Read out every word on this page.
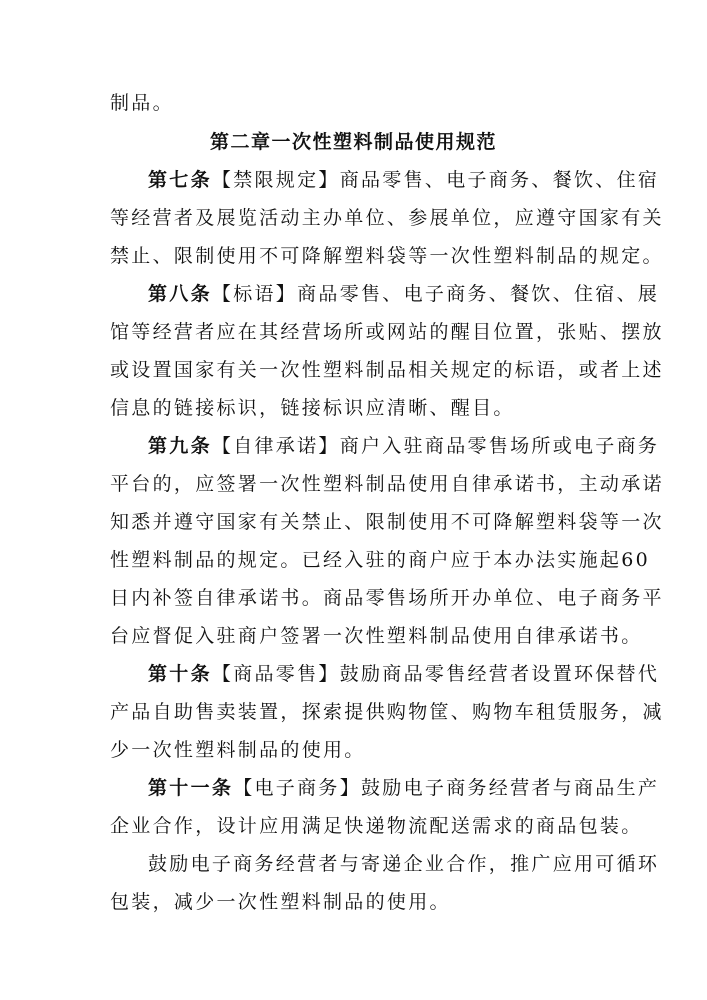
制品。
第二章一次性塑料制品使用规范
第七条【禁限规定】商品零售、电子商务、餐饮、住宿
等经营者及展览活动主办单位、参展单位，应遵守国家有关
禁止、限制使用不可降解塑料袋等一次性塑料制品的规定。
第八条【标语】商品零售、电子商务、餐饮、住宿、展
馆等经营者应在其经营场所或网站的醒目位置，张贴、摆放
或设置国家有关一次性塑料制品相关规定的标语，或者上述
信息的链接标识，链接标识应清晰、醒目。
第九条【自律承诺】商户入驻商品零售场所或电子商务
平台的，应签署一次性塑料制品使用自律承诺书，主动承诺
知悉并遵守国家有关禁止、限制使用不可降解塑料袋等一次
性塑料制品的规定。已经入驻的商户应于本办法实施起60
日内补签自律承诺书。商品零售场所开办单位、电子商务平
台应督促入驻商户签署一次性塑料制品使用自律承诺书。
第十条【商品零售】鼓励商品零售经营者设置环保替代
产品自助售卖装置，探索提供购物筐、购物车租赁服务，减
少一次性塑料制品的使用。
第十一条【电子商务】鼓励电子商务经营者与商品生产
企业合作，设计应用满足快递物流配送需求的商品包装。
鼓励电子商务经营者与寄递企业合作，推广应用可循环
包装，减少一次性塑料制品的使用。
